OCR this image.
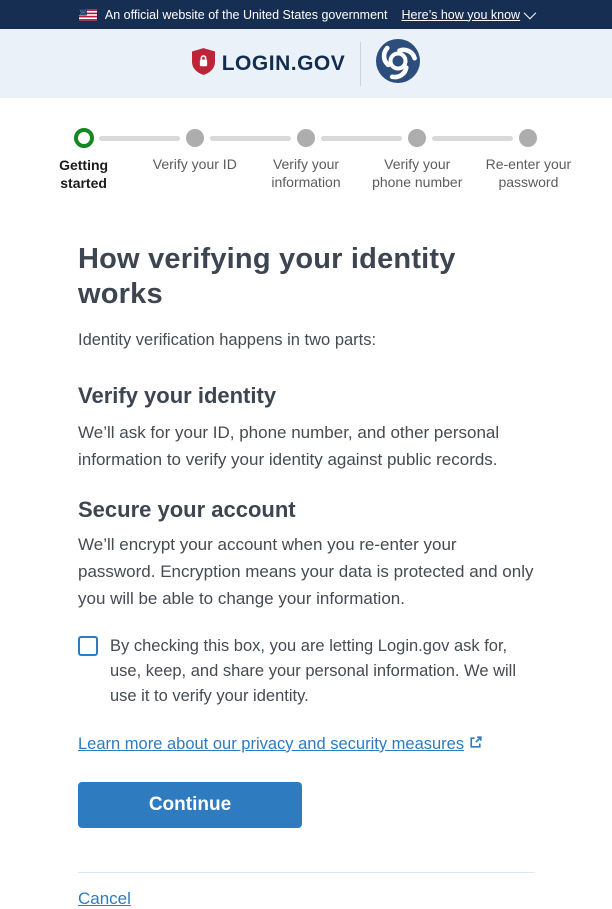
An official website of the United States government Here’s how you know
LOGIN.GOV
Getting started
Verify your ID	Verify your information
Verify your phone number
Re-enter your password
How verifying your identity works

Identity verification happens in two parts:

Verify your identity

We’ll ask for your ID, phone number, and other personal information to verify your identity against public records.

Secure your account

We’ll encrypt your account when you re-enter your password. Encryption means your data is protected and only you will be able to change your information.

By checking this box, you are letting Login.gov ask for, use, keep, and share your personal information. We will use it to verify your identity.
Learn more about our privacy and security measures
Continue
Cancel
